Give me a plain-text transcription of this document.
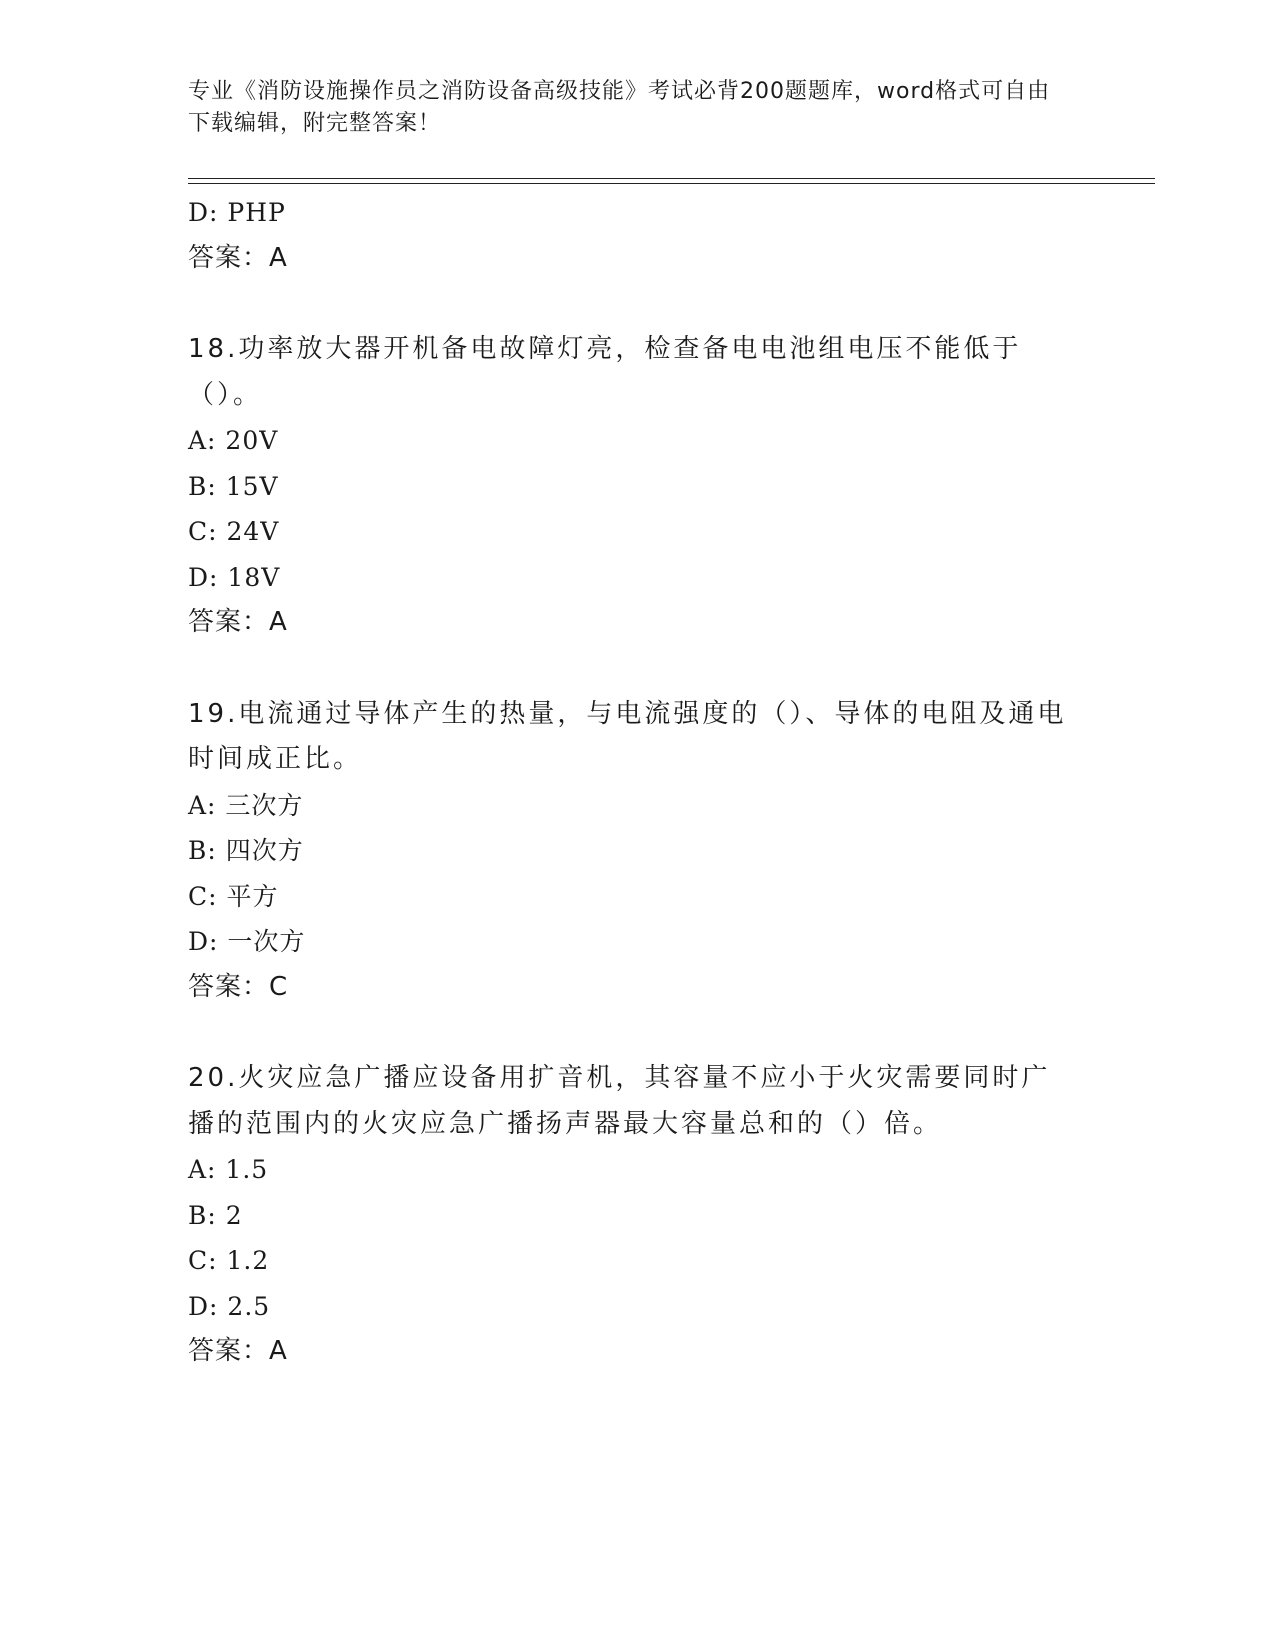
专业《消防设施操作员之消防设备高级技能》考试必背200题题库，word格式可自由下载编辑，附完整答案！
D: PHP
答案：A
18.功率放大器开机备电故障灯亮，检查备电电池组电压不能低于（）。
A: 20V
B: 15V
C: 24V
D: 18V
答案：A
19.电流通过导体产生的热量，与电流强度的（）、导体的电阻及通电时间成正比。
A: 三次方
B: 四次方
C: 平方
D: 一次方
答案：C
20.火灾应急广播应设备用扩音机，其容量不应小于火灾需要同时广播的范围内的火灾应急广播扬声器最大容量总和的（）倍。
A: 1.5
B: 2
C: 1.2
D: 2.5
答案：A
